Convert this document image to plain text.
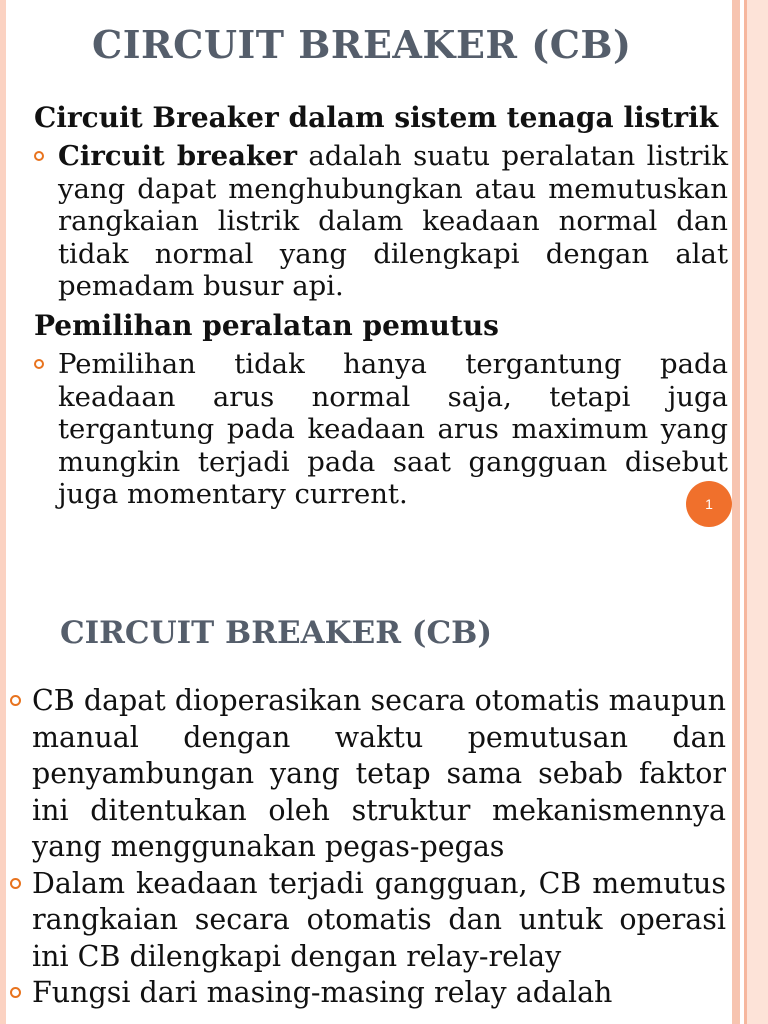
CIRCUIT BREAKER (CB)

Circuit Breaker dalam sistem tenaga listrik

Circuit breaker adalah suatu peralatan listrik yang dapat menghubungkan atau memutuskan rangkaian listrik dalam keadaan normal dan tidak normal yang dilengkapi dengan alat pemadam busur api.

Pemilihan peralatan pemutus

Pemilihan tidak hanya tergantung pada keadaan arus normal saja, tetapi juga tergantung pada keadaan arus maximum yang mungkin terjadi pada saat gangguan disebut juga momentary current.	1
CIRCUIT BREAKER (CB)

CB dapat dioperasikan secara otomatis maupun manual dengan waktu pemutusan dan penyambungan yang tetap sama sebab faktor ini ditentukan oleh struktur mekanismennya yang menggunakan pegas-pegas

Dalam keadaan terjadi gangguan, CB memutus rangkaian secara otomatis dan untuk operasi ini CB dilengkapi dengan relay-relay

Fungsi dari masing-masing relay adalah
